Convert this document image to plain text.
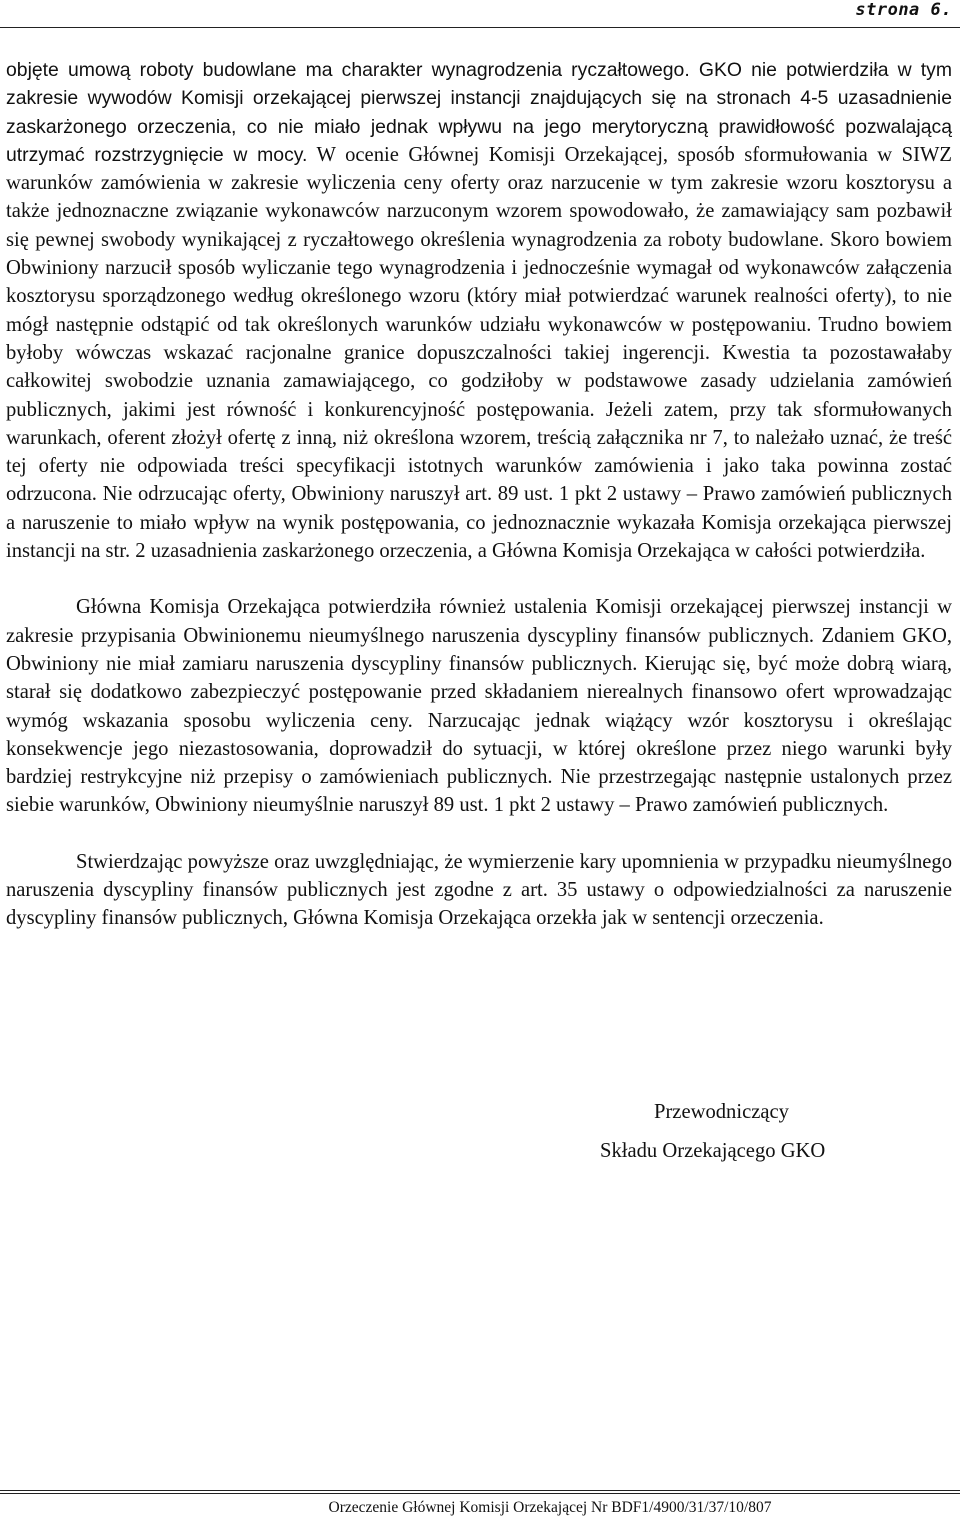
strona 6.

objęte umową roboty budowlane ma charakter wynagrodzenia ryczałtowego. GKO nie potwierdziła w tym zakresie wywodów Komisji orzekającej pierwszej instancji znajdujących się na stronach 4-5 uzasadnienie zaskarżonego orzeczenia, co nie miało jednak wpływu na jego merytoryczną prawidłowość pozwalającą utrzymać rozstrzygnięcie w mocy. W ocenie Głównej Komisji Orzekającej, sposób sformułowania w SIWZ warunków zamówienia w zakresie wyliczenia ceny oferty oraz narzucenie w tym zakresie wzoru kosztorysu a także jednoznaczne związanie wykonawców narzuconym wzorem spowodowało, że zamawiający sam pozbawił się pewnej swobody wynikającej z ryczałtowego określenia wynagrodzenia za roboty budowlane. Skoro bowiem Obwiniony narzucił sposób wyliczanie tego wynagrodzenia i jednocześnie wymagał od wykonawców załączenia kosztorysu sporządzonego według określonego wzoru (który miał potwierdzać warunek realności oferty), to nie mógł następnie odstąpić od tak określonych warunków udziału wykonawców w postępowaniu. Trudno bowiem byłoby wówczas wskazać racjonalne granice dopuszczalności takiej ingerencji. Kwestia ta pozostawałaby całkowitej swobodzie uznania zamawiającego, co godziłoby w podstawowe zasady udzielania zamówień publicznych, jakimi jest równość i konkurencyjność postępowania. Jeżeli zatem, przy tak sformułowanych warunkach, oferent złożył ofertę z inną, niż określona wzorem, treścią załącznika nr 7, to należało uznać, że treść tej oferty nie odpowiada treści specyfikacji istotnych warunków zamówienia i jako taka powinna zostać odrzucona. Nie odrzucając oferty, Obwiniony naruszył art. 89 ust. 1 pkt 2 ustawy – Prawo zamówień publicznych a naruszenie to miało wpływ na wynik postępowania, co jednoznacznie wykazała Komisja orzekająca pierwszej instancji na str. 2 uzasadnienia zaskarżonego orzeczenia, a Główna Komisja Orzekająca w całości potwierdziła.

Główna Komisja Orzekająca potwierdziła również ustalenia Komisji orzekającej pierwszej instancji w zakresie przypisania Obwinionemu nieumyślnego naruszenia dyscypliny finansów publicznych. Zdaniem GKO, Obwiniony nie miał zamiaru naruszenia dyscypliny finansów publicznych. Kierując się, być może dobrą wiarą, starał się dodatkowo zabezpieczyć postępowanie przed składaniem nierealnych finansowo ofert wprowadzając wymóg wskazania sposobu wyliczenia ceny. Narzucając jednak wiążący wzór kosztorysu i określając konsekwencje jego niezastosowania, doprowadził do sytuacji, w której określone przez niego warunki były bardziej restrykcyjne niż przepisy o zamówieniach publicznych. Nie przestrzegając następnie ustalonych przez siebie warunków, Obwiniony nieumyślnie naruszył 89 ust. 1 pkt 2 ustawy – Prawo zamówień publicznych.

Stwierdzając powyższe oraz uwzględniając, że wymierzenie kary upomnienia w przypadku nieumyślnego naruszenia dyscypliny finansów publicznych jest zgodne z art. 35 ustawy o odpowiedzialności za naruszenie dyscypliny finansów publicznych, Główna Komisja Orzekająca orzekła jak w sentencji orzeczenia.

Przewodniczący
Składu Orzekającego GKO
Orzeczenie Głównej Komisji Orzekającej Nr BDF1/4900/31/37/10/807
